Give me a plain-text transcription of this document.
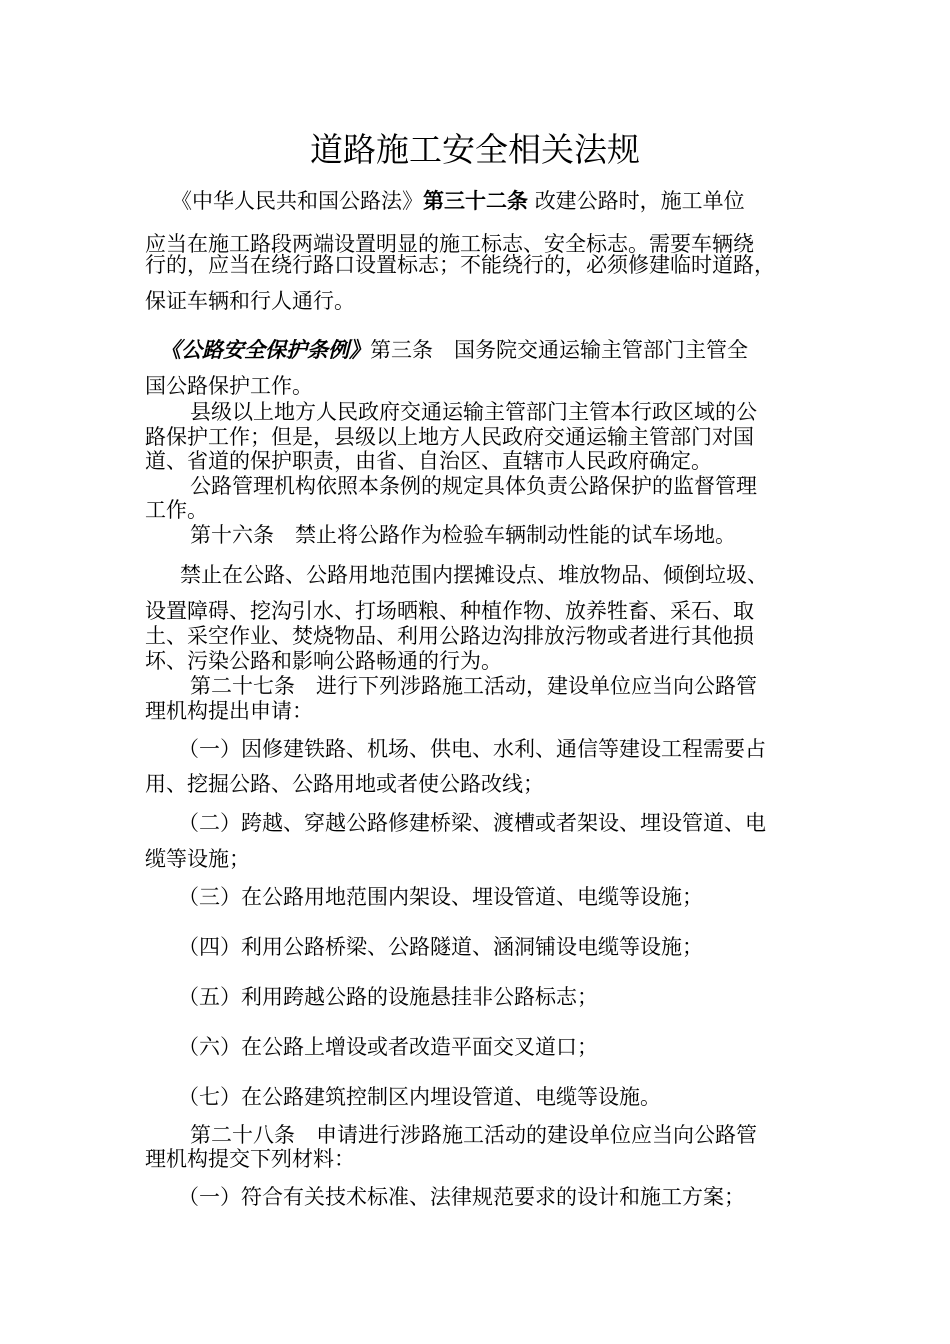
道路施工安全相关法规
《中华人民共和国公路法》第三十二条 改建公路时，施工单位
应当在施工路段两端设置明显的施工标志、安全标志。需要车辆绕
行的，应当在绕行路口设置标志；不能绕行的，必须修建临时道路，
保证车辆和行人通行。
《公路安全保护条例》第三条　国务院交通运输主管部门主管全
国公路保护工作。
县级以上地方人民政府交通运输主管部门主管本行政区域的公
路保护工作；但是，县级以上地方人民政府交通运输主管部门对国
道、省道的保护职责，由省、自治区、直辖市人民政府确定。
公路管理机构依照本条例的规定具体负责公路保护的监督管理
工作。
第十六条　禁止将公路作为检验车辆制动性能的试车场地。
禁止在公路、公路用地范围内摆摊设点、堆放物品、倾倒垃圾、
设置障碍、挖沟引水、打场晒粮、种植作物、放养牲畜、采石、取
土、采空作业、焚烧物品、利用公路边沟排放污物或者进行其他损
坏、污染公路和影响公路畅通的行为。
第二十七条　进行下列涉路施工活动，建设单位应当向公路管
理机构提出申请：
（一）因修建铁路、机场、供电、水利、通信等建设工程需要占
用、挖掘公路、公路用地或者使公路改线；
（二）跨越、穿越公路修建桥梁、渡槽或者架设、埋设管道、电
缆等设施；
（三）在公路用地范围内架设、埋设管道、电缆等设施；
（四）利用公路桥梁、公路隧道、涵洞铺设电缆等设施；
（五）利用跨越公路的设施悬挂非公路标志；
（六）在公路上增设或者改造平面交叉道口；
（七）在公路建筑控制区内埋设管道、电缆等设施。
第二十八条　申请进行涉路施工活动的建设单位应当向公路管
理机构提交下列材料：
（一）符合有关技术标准、法律规范要求的设计和施工方案；
